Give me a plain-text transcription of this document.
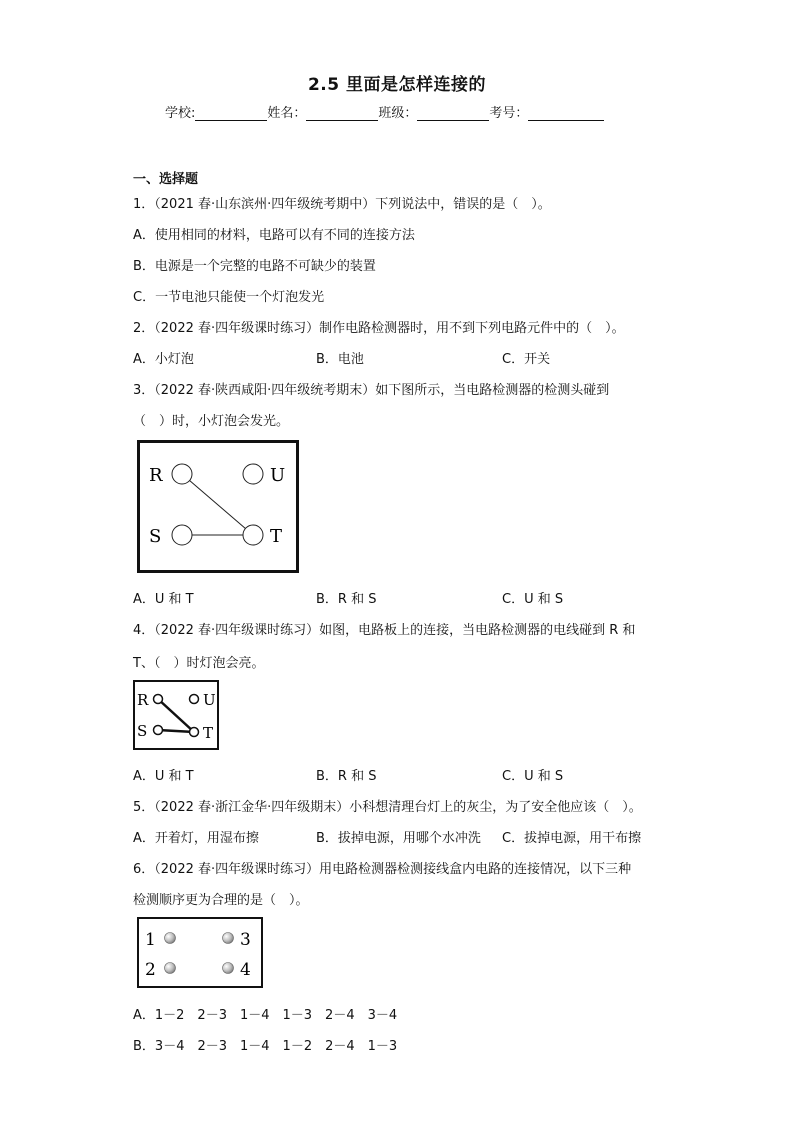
2.5 里面是怎样连接的
学校:	姓名：	班级：	考号：
一、选择题
1．（2021 春·山东滨州·四年级统考期中）下列说法中，错误的是（　）。
A．使用相同的材料，电路可以有不同的连接方法
B．电源是一个完整的电路不可缺少的装置
C．一节电池只能使一个灯泡发光
2．（2022 春·四年级课时练习）制作电路检测器时，用不到下列电路元件中的（　）。
A．小灯泡	B．电池	C．开关
3．（2022 春·陕西咸阳·四年级统考期末）如下图所示，当电路检测器的检测头碰到
（　）时，小灯泡会发光。
R	U
S	T
A．U 和 T	B．R 和 S	C．U 和 S
4．（2022 春·四年级课时练习）如图，电路板上的连接，当电路检测器的电线碰到 R 和
T、（　）时灯泡会亮。
R	U
S	T
A．U 和 T	B．R 和 S	C．U 和 S
5．（2022 春·浙江金华·四年级期末）小科想清理台灯上的灰尘，为了安全他应该（　）。
A．开着灯，用湿布擦	B．拔掉电源，用哪个水冲洗 C．拔掉电源，用干布擦
6．（2022 春·四年级课时练习）用电路检测器检测接线盒内电路的连接情况，以下三种
检测顺序更为合理的是（　）。
1
2
3
4
A．1－2　2－3　1－4　1－3　2－4　3－4
B．3－4　2－3　1－4　1－2　2－4　1－3
